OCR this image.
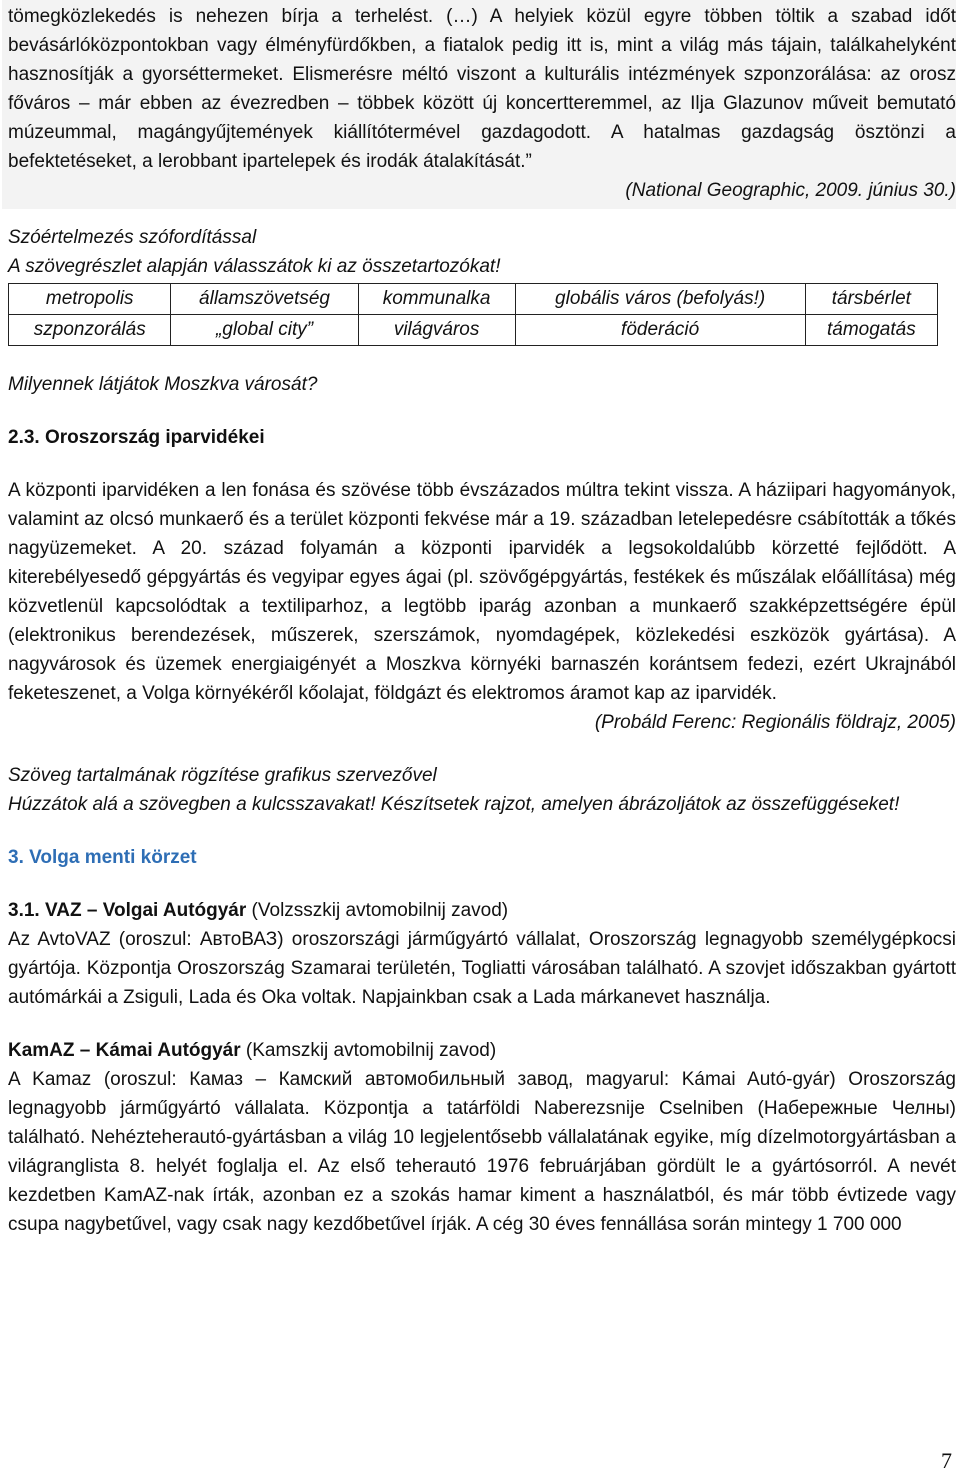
tömegközlekedés is nehezen bírja a terhelést. (…) A helyiek közül egyre többen töltik a szabad időt bevásárlóközpontokban vagy élményfürdőkben, a fiatalok pedig itt is, mint a világ más tájain, találkahelyként hasznosítják a gyorséttermeket. Elismerésre méltó viszont a kulturális intézmények szponzorálása: az orosz főváros – már ebben az évezredben – többek között új koncertteremmel, az Ilja Glazunov műveit bemutató múzeummal, magángyűjtemények kiállítótermével gazdagodott. A hatalmas gazdagság ösztönzi a befektetéseket, a lerobbant ipartelepek és irodák átalakítását.”

(National Geographic, 2009. június 30.)

Szóértelmezés szófordítással

A szövegrészlet alapján válasszátok ki az összetartozókat!

metropolis	államszövetség	kommunalka	globális város (befolyás!)	társbérlet
szponzorálás	„global city”	világváros	föderáció	támogatás

Milyennek látjátok Moszkva városát?

2.3. Oroszország iparvidékei

A központi iparvidéken a len fonása és szövése több évszázados múltra tekint vissza. A háziipari hagyományok, valamint az olcsó munkaerő és a terület központi fekvése már a 19. században letelepedésre csábították a tőkés nagyüzemeket. A 20. század folyamán a központi iparvidék a legsokoldalúbb körzetté fejlődött. A kiterebélyesedő gépgyártás és vegyipar egyes ágai (pl. szövőgépgyártás, festékek és műszálak előállítása) még közvetlenül kapcsolódtak a textiliparhoz, a legtöbb iparág azonban a munkaerő szakképzettségére épül (elektronikus berendezések, műszerek, szerszámok, nyomdagépek, közlekedési eszközök gyártása). A nagyvárosok és üzemek energiaigényét a Moszkva környéki barnaszén korántsem fedezi, ezért Ukrajnából feketeszenet, a Volga környékéről kőolajat, földgázt és elektromos áramot kap az iparvidék.

(Probáld Ferenc: Regionális földrajz, 2005)

Szöveg tartalmának rögzítése grafikus szervezővel

Húzzátok alá a szövegben a kulcsszavakat! Készítsetek rajzot, amelyen ábrázoljátok az összefüggéseket!

3. Volga menti körzet

3.1. VAZ – Volgai Autógyár (Volzsszkij avtomobilnij zavod)

Az AvtoVAZ (oroszul: АвтоВАЗ) oroszországi járműgyártó vállalat, Oroszország legnagyobb személygépkocsi gyártója. Központja Oroszország Szamarai területén, Togliatti városában található. A szovjet időszakban gyártott autómárkái a Zsiguli, Lada és Oka voltak. Napjainkban csak a Lada márkanevet használja.

KamAZ – Kámai Autógyár (Kamszkij avtomobilnij zavod)

A Kamaz (oroszul: Камаз – Камский автомобильный завод, magyarul: Kámai Autó-gyár) Oroszország legnagyobb járműgyártó vállalata. Központja a tatárföldi Naberezsnije Cselniben (Набережные Челны) található. Nehézteherautó-gyártásban a világ 10 legjelentősebb vállalatának egyike, míg dízelmotorgyártásban a világranglista 8. helyét foglalja el. Az első teherautó 1976 februárjában gördült le a gyártósorról. A nevét kezdetben KamAZ-nak írták, azonban ez a szokás hamar kiment a használatból, és már több évtizede vagy csupa nagybetűvel, vagy csak nagy kezdőbetűvel írják. A cég 30 éves fennállása során mintegy 1 700 000

7
